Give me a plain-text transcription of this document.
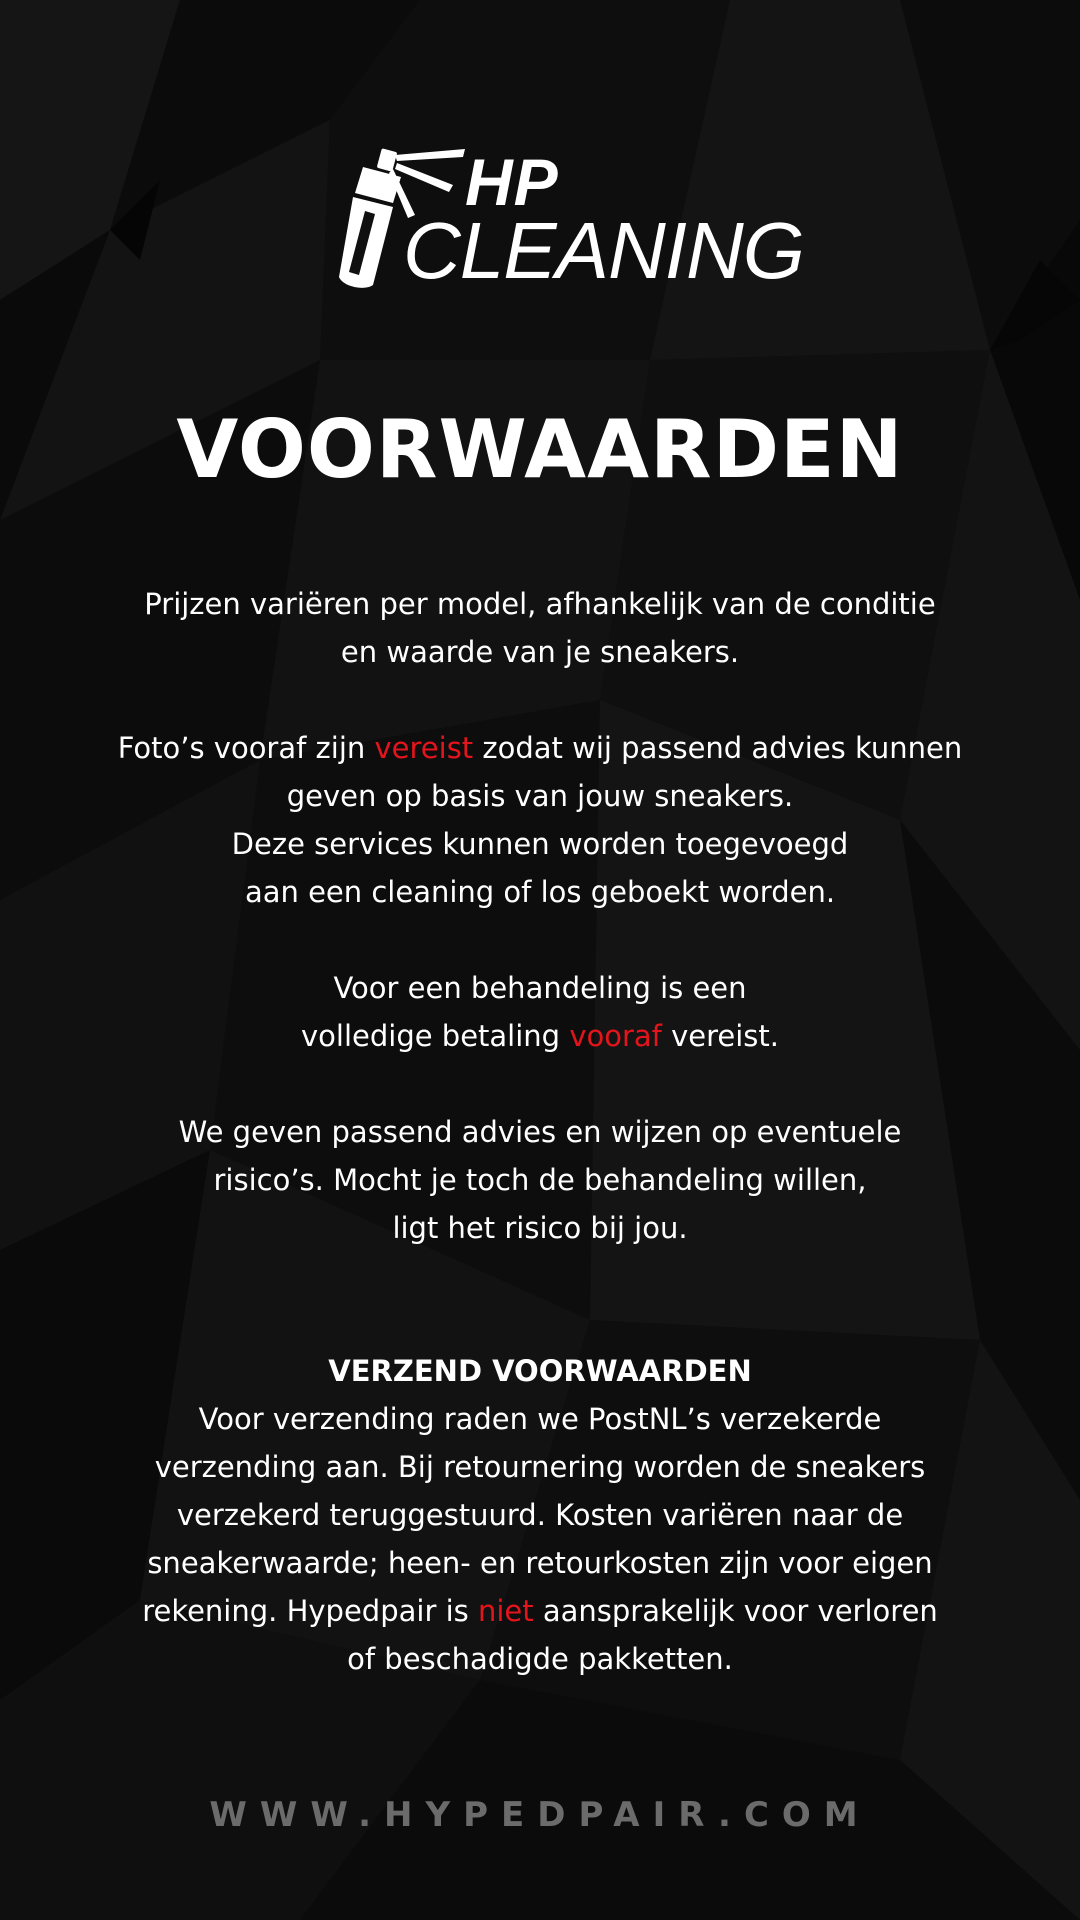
HP
CLEANING
VOORWAARDEN
Prijzen variëren per model, afhankelijk van de conditie
en waarde van je sneakers.
Foto’s vooraf zijn vereist zodat wij passend advies kunnen
geven op basis van jouw sneakers.
Deze services kunnen worden toegevoegd
aan een cleaning of los geboekt worden.
Voor een behandeling is een
volledige betaling vooraf vereist.
We geven passend advies en wijzen op eventuele
risico’s. Mocht je toch de behandeling willen,
ligt het risico bij jou.
VERZEND VOORWAARDEN
Voor verzending raden we PostNL’s verzekerde
verzending aan. Bij retournering worden de sneakers
verzekerd teruggestuurd. Kosten variëren naar de
sneakerwaarde; heen- en retourkosten zijn voor eigen
rekening. Hypedpair is niet aansprakelijk voor verloren
of beschadigde pakketten.
WWW.HYPEDPAIR.COM
